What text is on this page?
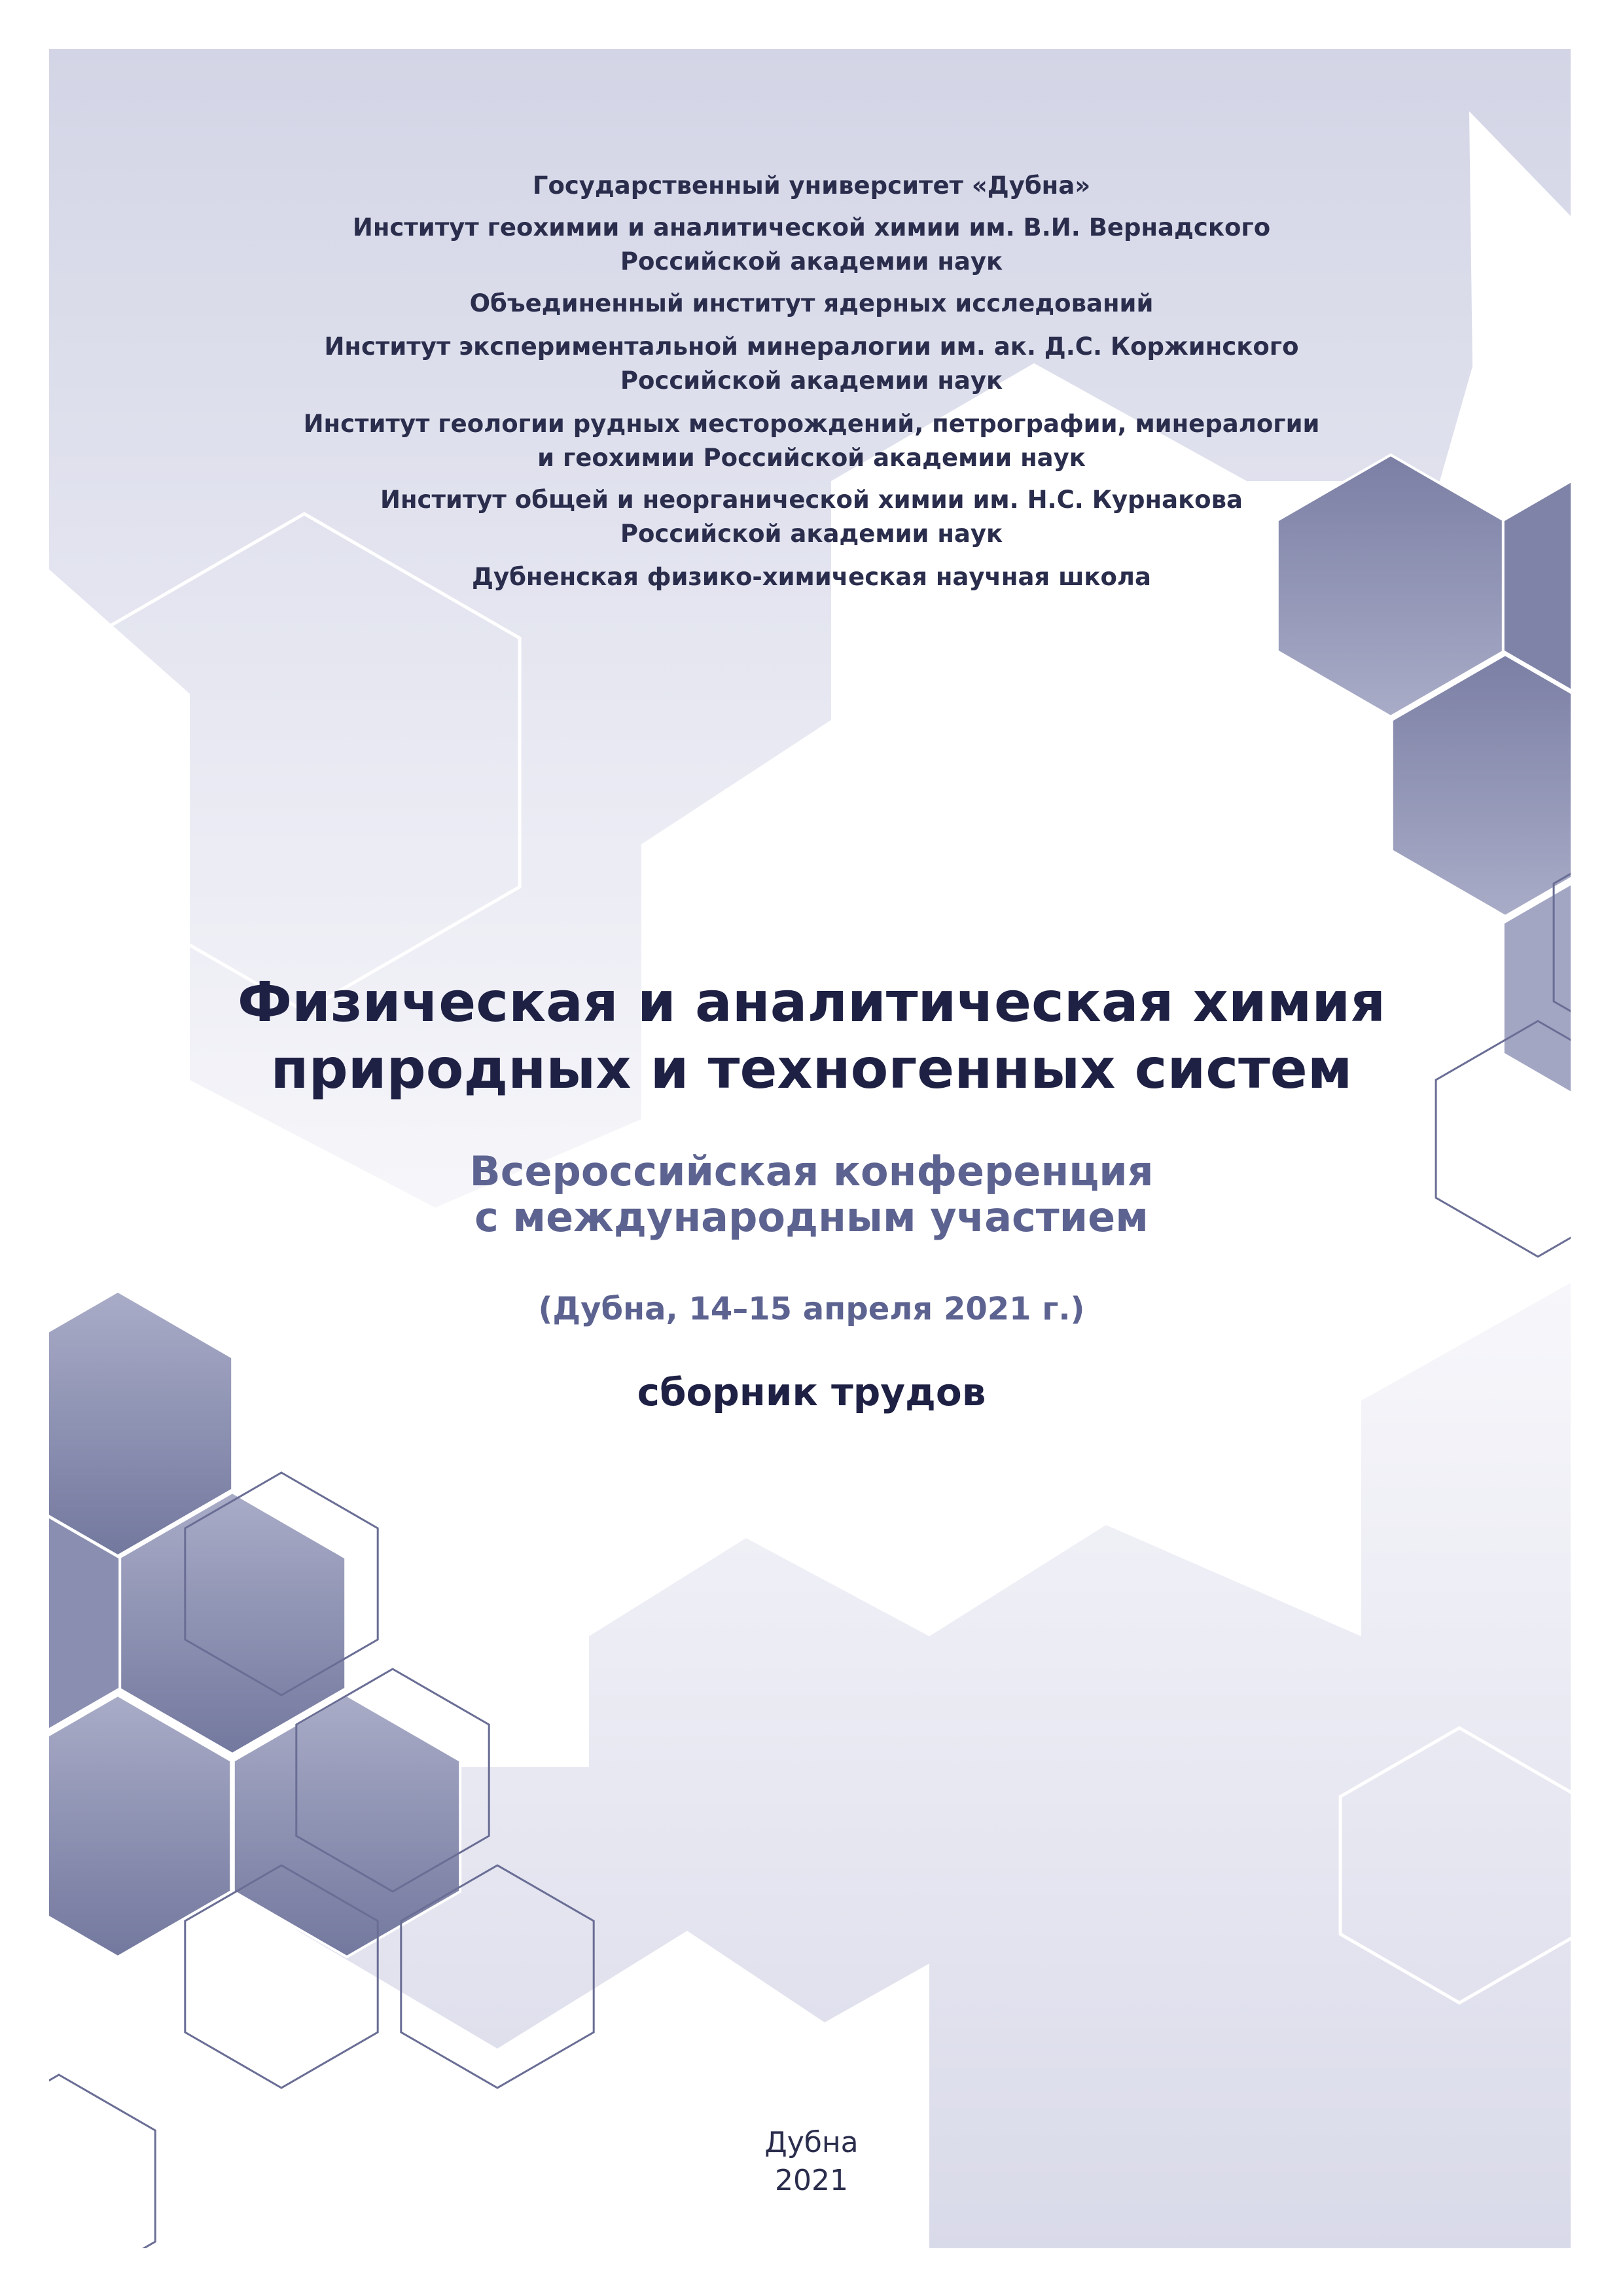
Государственный университет «Дубна»
Институт геохимии и аналитической химии им. В.И. Вернадского
Российской академии наук
Объединенный институт ядерных исследований
Институт экспериментальной минералогии им. ак. Д.С. Коржинского
Российской академии наук
Институт геологии рудных месторождений, петрографии, минералогии
и геохимии Российской академии наук
Институт общей и неорганической химии им. Н.С. Курнакова
Российской академии наук
Дубненская физико-химическая научная школа
Физическая и аналитическая химия
природных и техногенных систем
Всероссийская конференция
с международным участием
(Дубна, 14–15 апреля 2021 г.)
сборник трудов
Дубна
2021
